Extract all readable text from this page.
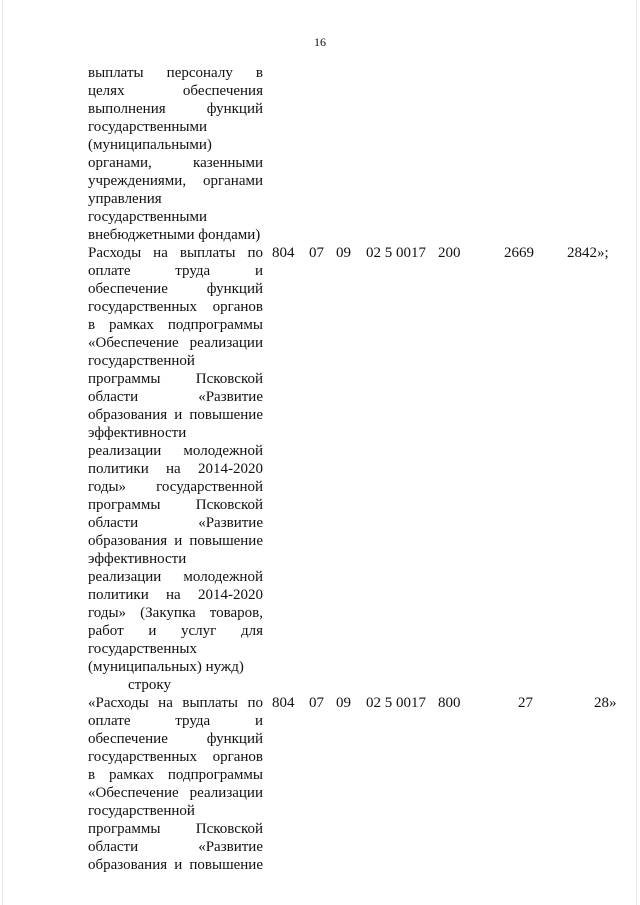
16
выплаты персоналу в
целях обеспечения
выполнения функций
государственными
(муниципальными)
органами, казенными
учреждениями, органами
управления
государственными
внебюджетными фондами)
Расходы на выплаты по 804 07 09 02 5 0017 200	2669 2842»;
оплате труда и
обеспечение функций
государственных органов
в рамках подпрограммы
«Обеспечение реализации
государственной
программы Псковской
области «Развитие
образования и повышение
эффективности
реализации молодежной
политики на 2014-2020
годы» государственной
программы Псковской
области «Развитие
образования и повышение
эффективности
реализации молодежной
политики на 2014-2020
годы» (Закупка товаров,
работ и услуг для
государственных
(муниципальных) нужд)
строку
«Расходы на выплаты по 804 07 09 02 5 0017 800	27	28»
оплате труда и
обеспечение функций
государственных органов
в рамках подпрограммы
«Обеспечение реализации
государственной
программы Псковской
области «Развитие
образования и повышение
